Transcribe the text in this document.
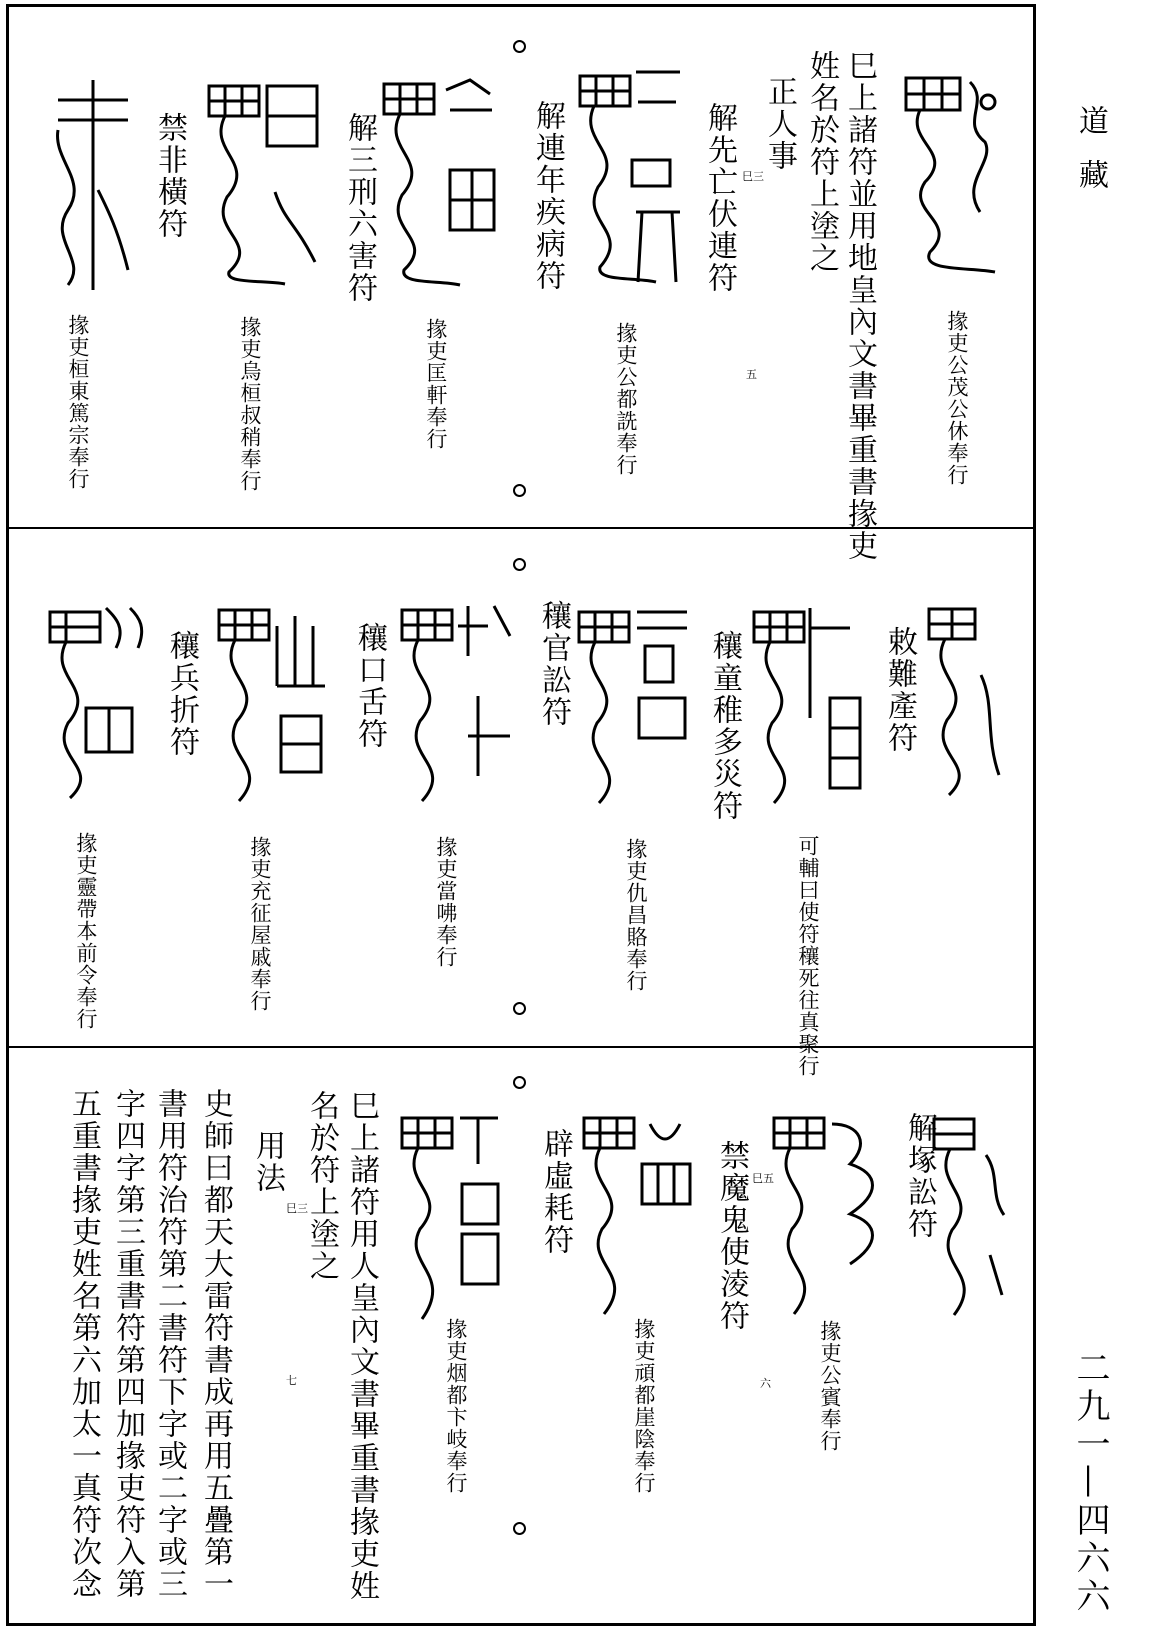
道藏
二九一—四六六
巳上諸符並用地皇內文書畢重書掾吏
姓名於符上塗之
正人事
解先亡伏連符 巳三
解連年疾病符
解三刑六害符
禁非橫符
掾吏公茂公休奉行
掾吏公都詵奉行
掾吏匡軒奉行
掾吏烏桓叔稍奉行
掾吏桓東篤宗奉行	五
敕難產符
穰童稚多災符
穰官訟符
穰口舌符
穰兵折符
可輔曰使符穰死往真聚行
掾吏仇昌賂奉行
掾吏當咈奉行
掾吏充征屋戚奉行
掾吏靈帶本前令奉行
解塚訟符
禁魔鬼使淩符 巳五
辟虛耗符
掾吏公賓奉行
掾吏頑都崖陰奉行
掾吏烟都卞岐奉行	六
七 巳上諸符用人皇內文書畢重書掾吏姓
名於符上塗之
用法
巳三
史師曰都天大雷符書成再用五疊第一
書用符治符第二書符下字或二字或三
字四字第三重書符第四加掾吏符入第
五重書掾吏姓名第六加太一真符次念
